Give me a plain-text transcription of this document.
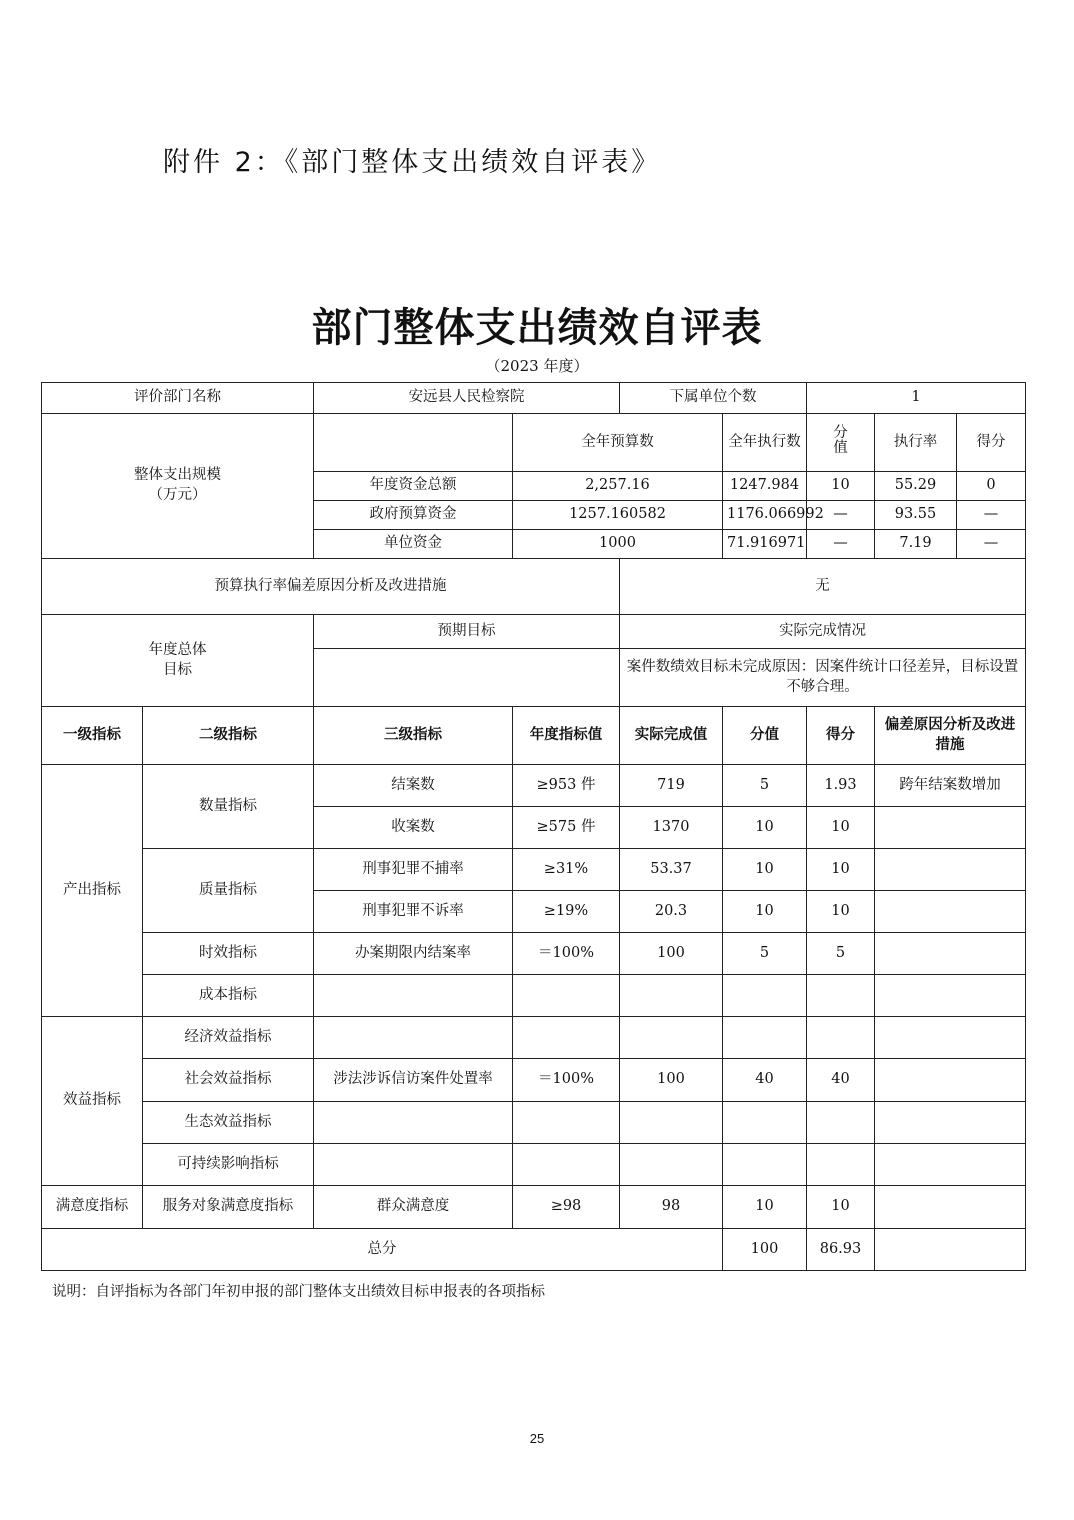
附件 2：《部门整体支出绩效自评表》
部门整体支出绩效自评表
（2023 年度）
评价部门名称		安远县人民检察院		下属单位个数		1		
整体支出规模
（万元）			全年预算数		全年执行数	分值	执行率	得分
		年度资金总额	2,257.16		1247.984	10	55.29	0
		政府预算资金	1257.160582		1176.066992	—	93.55	—
		单位资金	1000		71.916971	—	7.19	—
预算执行率偏差原因分析及改进措施				无				
年度总体
目标		预期目标		实际完成情况				
				案件数绩效目标未完成原因：因案件统计口径差异，目标设置不够合理。				
一级指标	二级指标	三级指标	年度指标值	实际完成值	分值	得分	偏差原因分析及改进措施	
产出指标	数量指标	结案数	≥953 件	719	5	1.93	跨年结案数增加	
		收案数	≥575 件	1370	10	10		
	质量指标	刑事犯罪不捕率	≥31%	53.37	10	10		
		刑事犯罪不诉率	≥19%	20.3	10	10		
	时效指标	办案期限内结案率	＝100%	100	5	5		
	成本指标							
效益指标	经济效益指标							
	社会效益指标	涉法涉诉信访案件处置率	＝100%	100	40	40		
	生态效益指标							
	可持续影响指标							
满意度指标	服务对象满意度指标	群众满意度	≥98	98	10	10		
总分					100	86.93		
说明：自评指标为各部门年初申报的部门整体支出绩效目标申报表的各项指标
25
